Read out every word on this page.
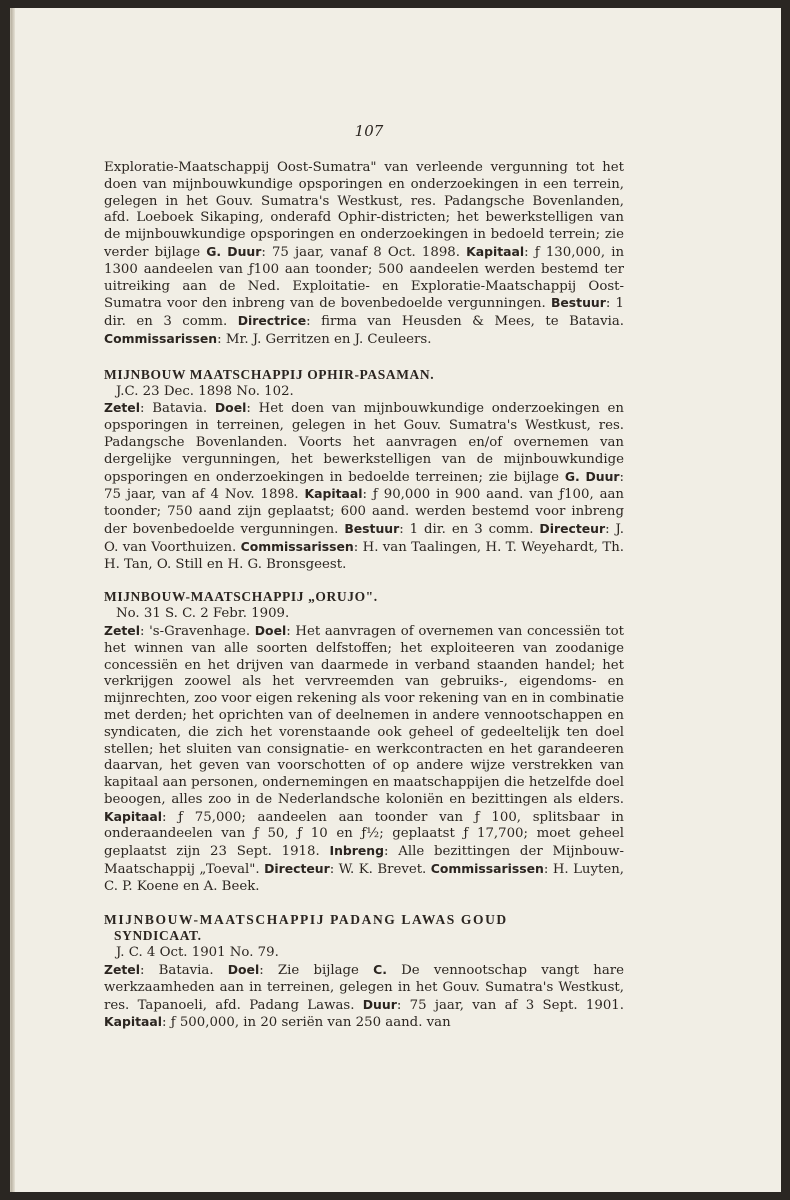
107

Exploratie-Maatschappij Oost-Sumatra" van verleende vergunning tot het doen van mijnbouwkundige opsporingen en onderzoekingen in een terrein, gelegen in het Gouv. Sumatra's Westkust, res. Padangsche Bovenlanden, afd. Loeboek Sikaping, onderafd Ophir-districten; het bewerkstelligen van de mijnbouwkundige opsporingen en onderzoekingen in bedoeld terrein; zie verder bijlage G. Duur: 75 jaar, vanaf 8 Oct. 1898. Kapitaal: ƒ 130,000, in 1300 aandeelen van ƒ100 aan toonder; 500 aandeelen werden bestemd ter uitreiking aan de Ned. Exploitatie- en Exploratie-Maatschappij Oost-Sumatra voor den inbreng van de bovenbedoelde vergunningen. Bestuur: 1 dir. en 3 comm. Directrice: firma van Heusden & Mees, te Batavia. Commissarissen: Mr. J. Gerritzen en J. Ceuleers.

MIJNBOUW MAATSCHAPPIJ OPHIR-PASAMAN.

J.C. 23 Dec. 1898 No. 102.

Zetel: Batavia. Doel: Het doen van mijnbouwkundige onderzoekingen en opsporingen in terreinen, gelegen in het Gouv. Sumatra's Westkust, res. Padangsche Bovenlanden. Voorts het aanvragen en/of overnemen van dergelijke vergunningen, het bewerkstelligen van de mijnbouwkundige opsporingen en onderzoekingen in bedoelde terreinen; zie bijlage G. Duur: 75 jaar, van af 4 Nov. 1898. Kapitaal: ƒ 90,000 in 900 aand. van ƒ100, aan toonder; 750 aand zijn geplaatst; 600 aand. werden bestemd voor inbreng der bovenbedoelde vergunningen. Bestuur: 1 dir. en 3 comm. Directeur: J. O. van Voorthuizen. Commissarissen: H. van Taalingen, H. T. Weyehardt, Th. H. Tan, O. Still en H. G. Bronsgeest.

MIJNBOUW-MAATSCHAPPIJ „ORUJO".

No. 31 S. C. 2 Febr. 1909.

Zetel: 's-Gravenhage. Doel: Het aanvragen of overnemen van concessiën tot het winnen van alle soorten delfstoffen; het exploiteeren van zoodanige concessiën en het drijven van daarmede in verband staanden handel; het verkrijgen zoowel als het vervreemden van gebruiks-, eigendoms- en mijnrechten, zoo voor eigen rekening als voor rekening van en in combinatie met derden; het oprichten van of deelnemen in andere vennootschappen en syndicaten, die zich het vorenstaande ook geheel of gedeeltelijk ten doel stellen; het sluiten van consignatie- en werkcontracten en het garandeeren daarvan, het geven van voorschotten of op andere wijze verstrekken van kapitaal aan personen, ondernemingen en maatschappijen die hetzelfde doel beoogen, alles zoo in de Nederlandsche koloniën en bezittingen als elders. Kapitaal: ƒ 75,000; aandeelen aan toonder van ƒ 100, splitsbaar in onderaandeelen van ƒ 50, ƒ 10 en ƒ½; geplaatst ƒ 17,700; moet geheel geplaatst zijn 23 Sept. 1918. Inbreng: Alle bezittingen der Mijnbouw-Maatschappij „Toeval". Directeur: W. K. Brevet. Commissarissen: H. Luyten, C. P. Koene en A. Beek.

MIJNBOUW-MAATSCHAPPIJ PADANG LAWAS GOUD

SYNDICAAT.

J. C. 4 Oct. 1901 No. 79.

Zetel: Batavia. Doel: Zie bijlage C. De vennootschap vangt hare werkzaamheden aan in terreinen, gelegen in het Gouv. Sumatra's Westkust, res. Tapanoeli, afd. Padang Lawas. Duur: 75 jaar, van af 3 Sept. 1901. Kapitaal: ƒ 500,000, in 20 seriën van 250 aand. van
